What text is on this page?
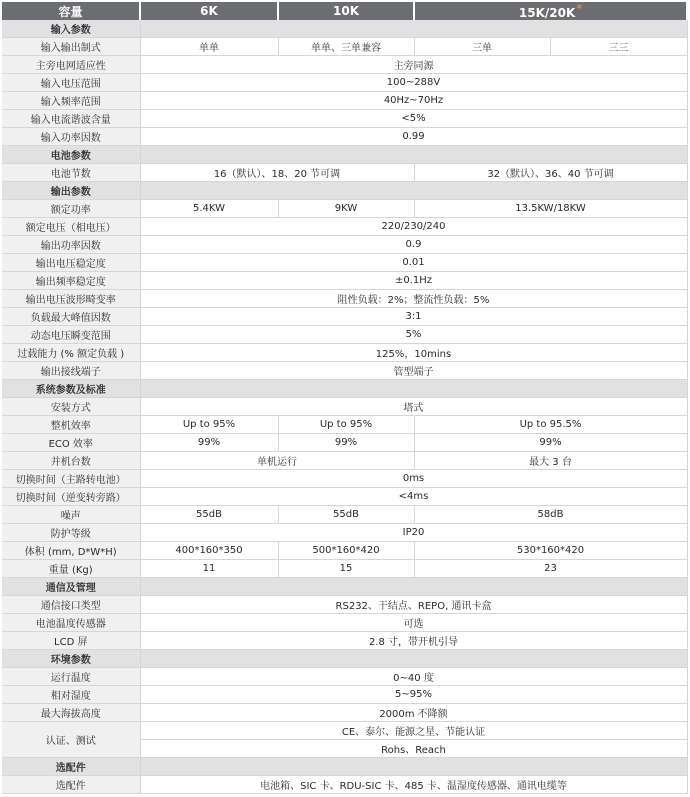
容量	6K	10K	15K/20K*	
输入参数				
输入输出制式	单单	单单、三单兼容	三单	三三
主旁电网适应性	主旁同源			
输入电压范围	100~288V			
输入频率范围	40Hz~70Hz			
输入电流谐波含量	<5%			
输入功率因数	0.99			
电池参数				
电池节数	16（默认）、18、20 节可调		32（默认）、36、40 节可调	
输出参数				
额定功率	5.4KW	9KW	13.5KW/18KW	
额定电压（相电压）	220/230/240			
输出功率因数	0.9			
输出电压稳定度	0.01			
输出频率稳定度	±0.1Hz			
输出电压波形畸变率	阻性负载：2%；整流性负载：5%			
负载最大峰值因数	3:1			
动态电压瞬变范围	5%			
过载能力 (% 额定负载 )	125%，10mins			
输出接线端子	管型端子			
系统参数及标准				
安装方式	塔式			
整机效率	Up to 95%	Up to 95%	Up to 95.5%	
ECO 效率	99%	99%	99%	
并机台数	单机运行		最大 3 台	
切换时间（主路转电池）	0ms			
切换时间（逆变转旁路）	<4ms			
噪声	55dB	55dB	58dB	
防护等级	IP20			
体积 (mm, D*W*H)	400*160*350	500*160*420	530*160*420	
重量 (Kg)	11	15	23	
通信及管理				
通信接口类型	RS232、干结点、REPO, 通讯卡盒			
电池温度传感器	可选			
LCD 屏	2.8 寸，带开机引导			
环境参数				
运行温度	0~40 度			
相对湿度	5~95%			
最大海拔高度	2000m 不降额			
认证、测试	CE、泰尔、能源之星、节能认证			
	Rohs、Reach			
选配件				
选配件	电池箱、SIC 卡、RDU-SIC 卡、485 卡、温湿度传感器、通讯电缆等			
